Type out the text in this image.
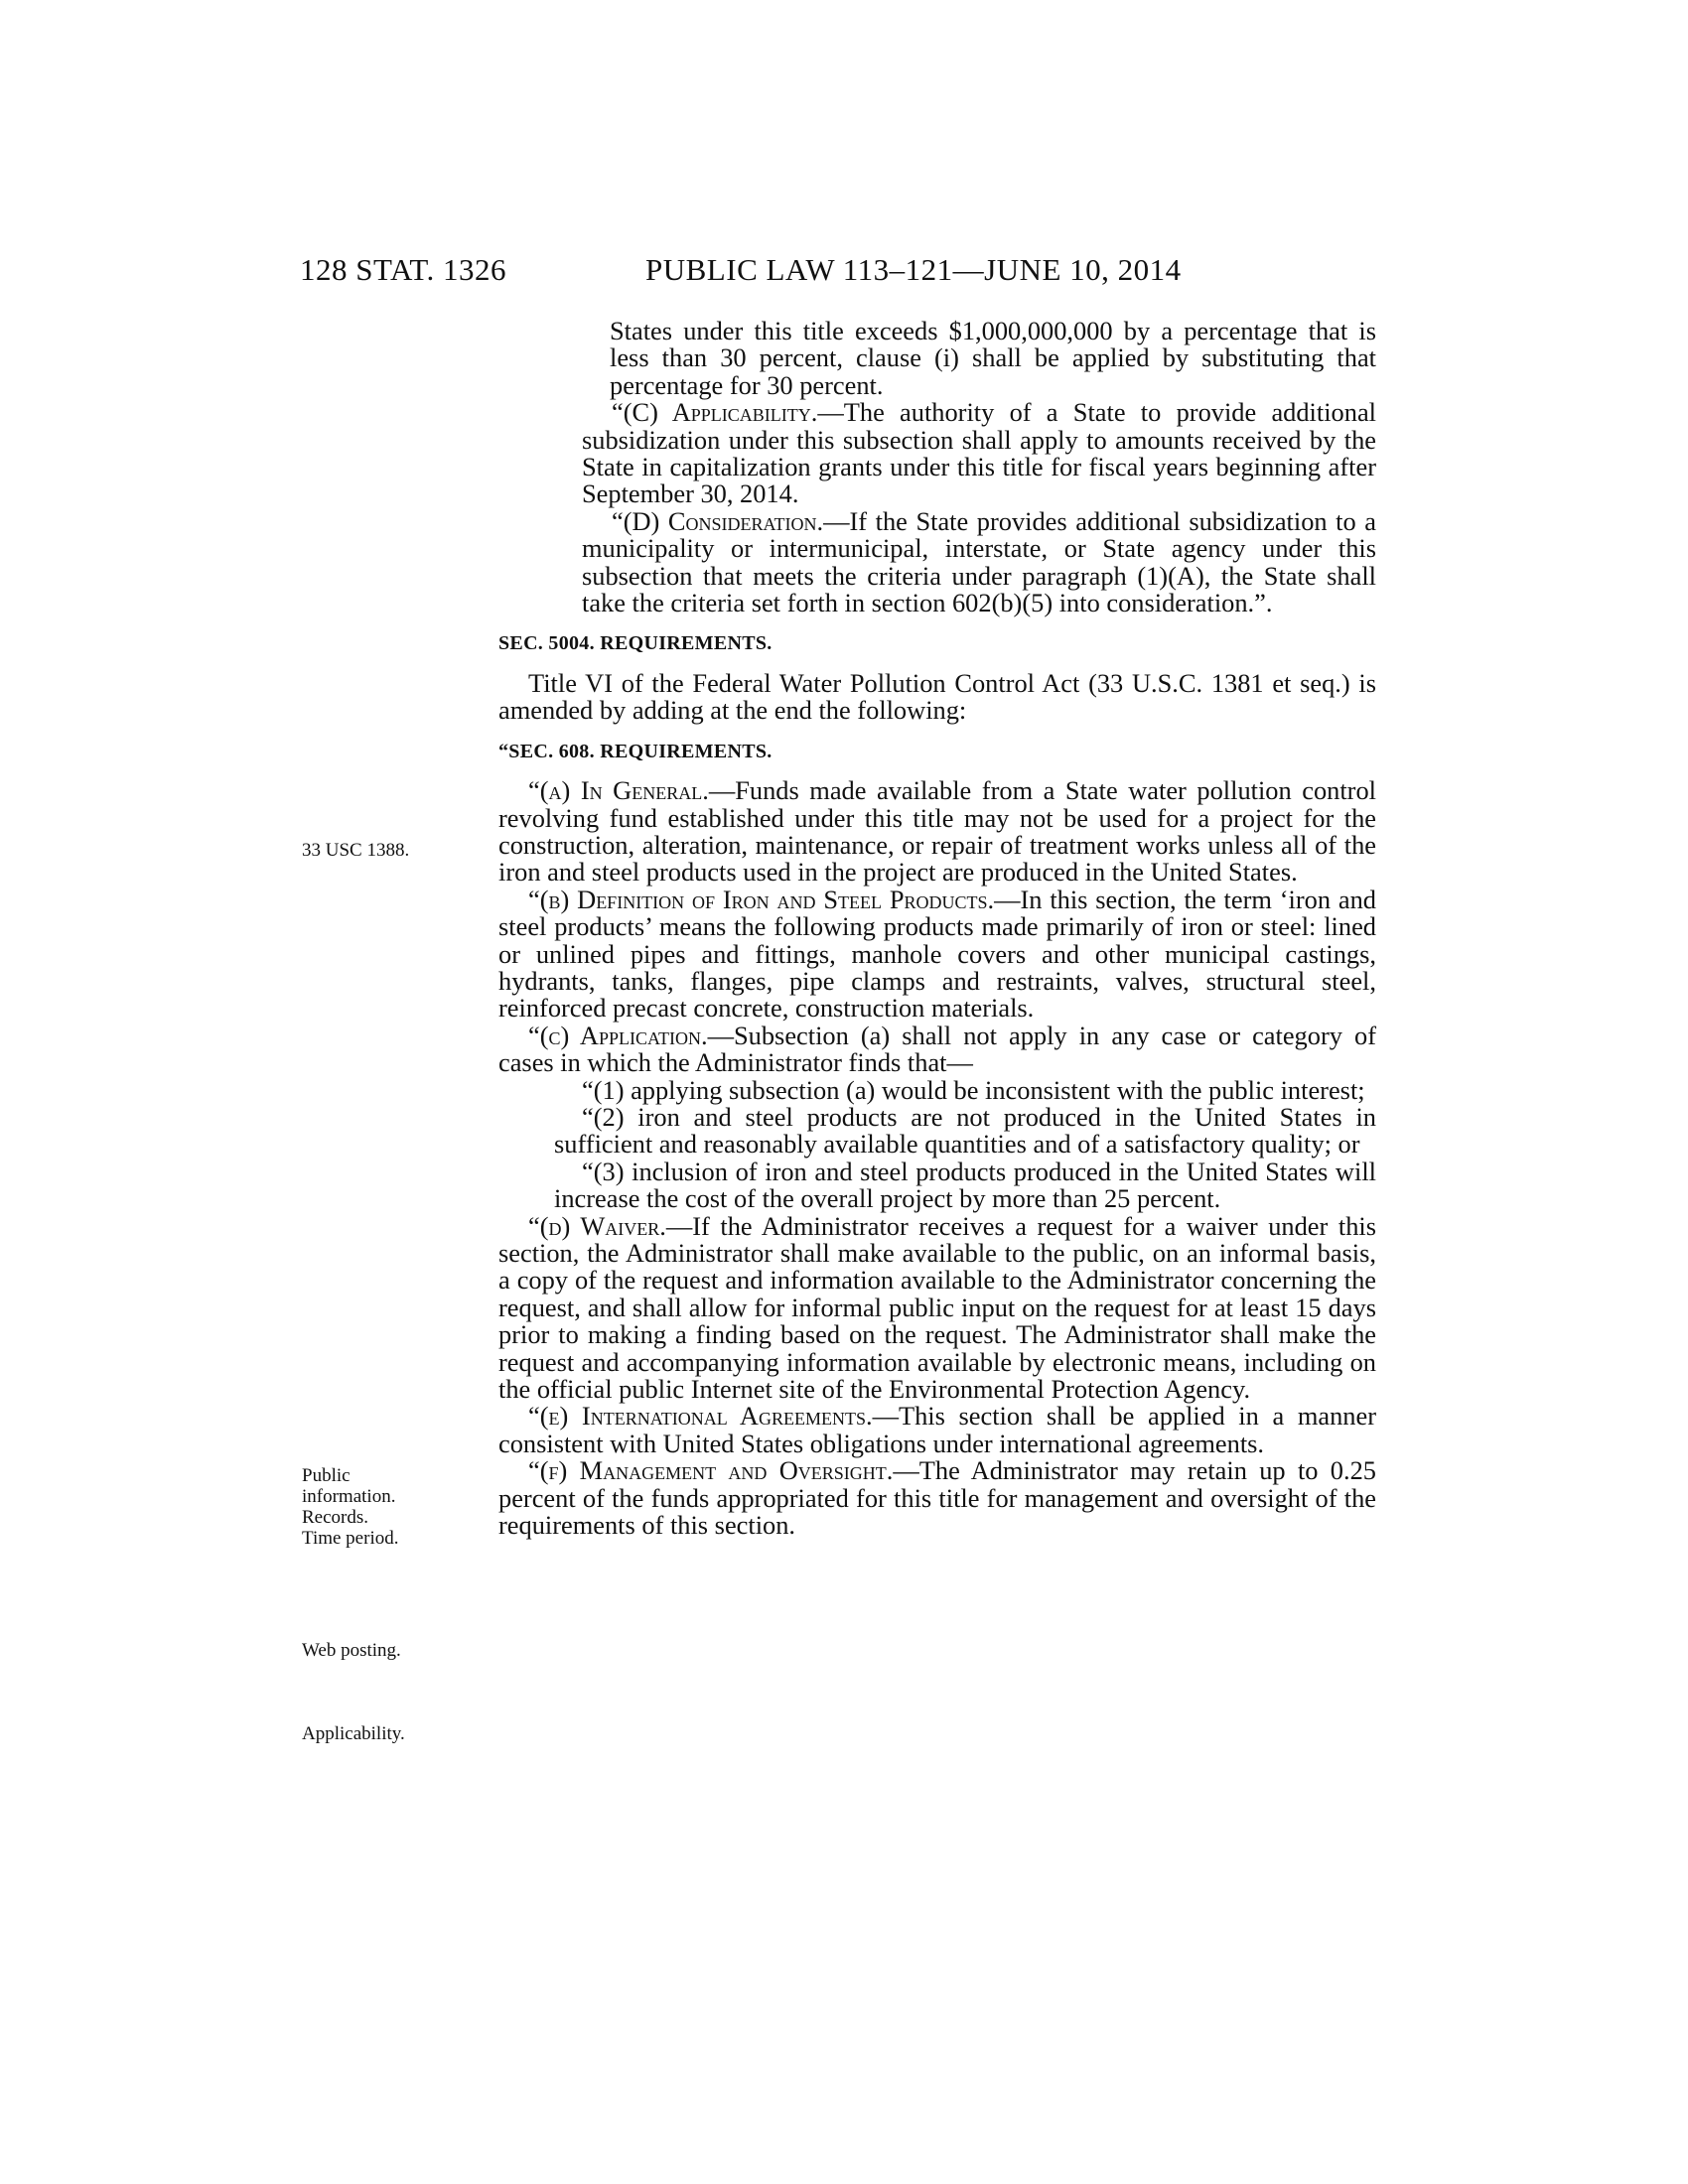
128 STAT. 1326	PUBLIC LAW 113–121—JUNE 10, 2014
33 USC 1388.
Public
information.
Records.
Time period.
Web posting.
Applicability.

States under this title exceeds $1,000,000,000 by a percentage that is less than 30 percent, clause (i) shall be applied by substituting that percentage for 30 percent.

“(C) Applicability.—The authority of a State to provide additional subsidization under this subsection shall apply to amounts received by the State in capitalization grants under this title for fiscal years beginning after September 30, 2014.

“(D) Consideration.—If the State provides additional subsidization to a municipality or intermunicipal, interstate, or State agency under this subsection that meets the criteria under paragraph (1)(A), the State shall take the criteria set forth in section 602(b)(5) into consideration.”.

SEC. 5004. REQUIREMENTS.

Title VI of the Federal Water Pollution Control Act (33 U.S.C. 1381 et seq.) is amended by adding at the end the following:

“SEC. 608. REQUIREMENTS.

“(a) In General.—Funds made available from a State water pollution control revolving fund established under this title may not be used for a project for the construction, alteration, maintenance, or repair of treatment works unless all of the iron and steel products used in the project are produced in the United States.

“(b) Definition of Iron and Steel Products.—In this section, the term ‘iron and steel products’ means the following products made primarily of iron or steel: lined or unlined pipes and fittings, manhole covers and other municipal castings, hydrants, tanks, flanges, pipe clamps and restraints, valves, structural steel, reinforced precast concrete, construction materials.

“(c) Application.—Subsection (a) shall not apply in any case or category of cases in which the Administrator finds that—

“(1) applying subsection (a) would be inconsistent with the public interest;

“(2) iron and steel products are not produced in the United States in sufficient and reasonably available quantities and of a satisfactory quality; or

“(3) inclusion of iron and steel products produced in the United States will increase the cost of the overall project by more than 25 percent.

“(d) Waiver.—If the Administrator receives a request for a waiver under this section, the Administrator shall make available to the public, on an informal basis, a copy of the request and information available to the Administrator concerning the request, and shall allow for informal public input on the request for at least 15 days prior to making a finding based on the request. The Administrator shall make the request and accompanying information available by electronic means, including on the official public Internet site of the Environmental Protection Agency.

“(e) International Agreements.—This section shall be applied in a manner consistent with United States obligations under international agreements.

“(f) Management and Oversight.—The Administrator may retain up to 0.25 percent of the funds appropriated for this title for management and oversight of the requirements of this section.
